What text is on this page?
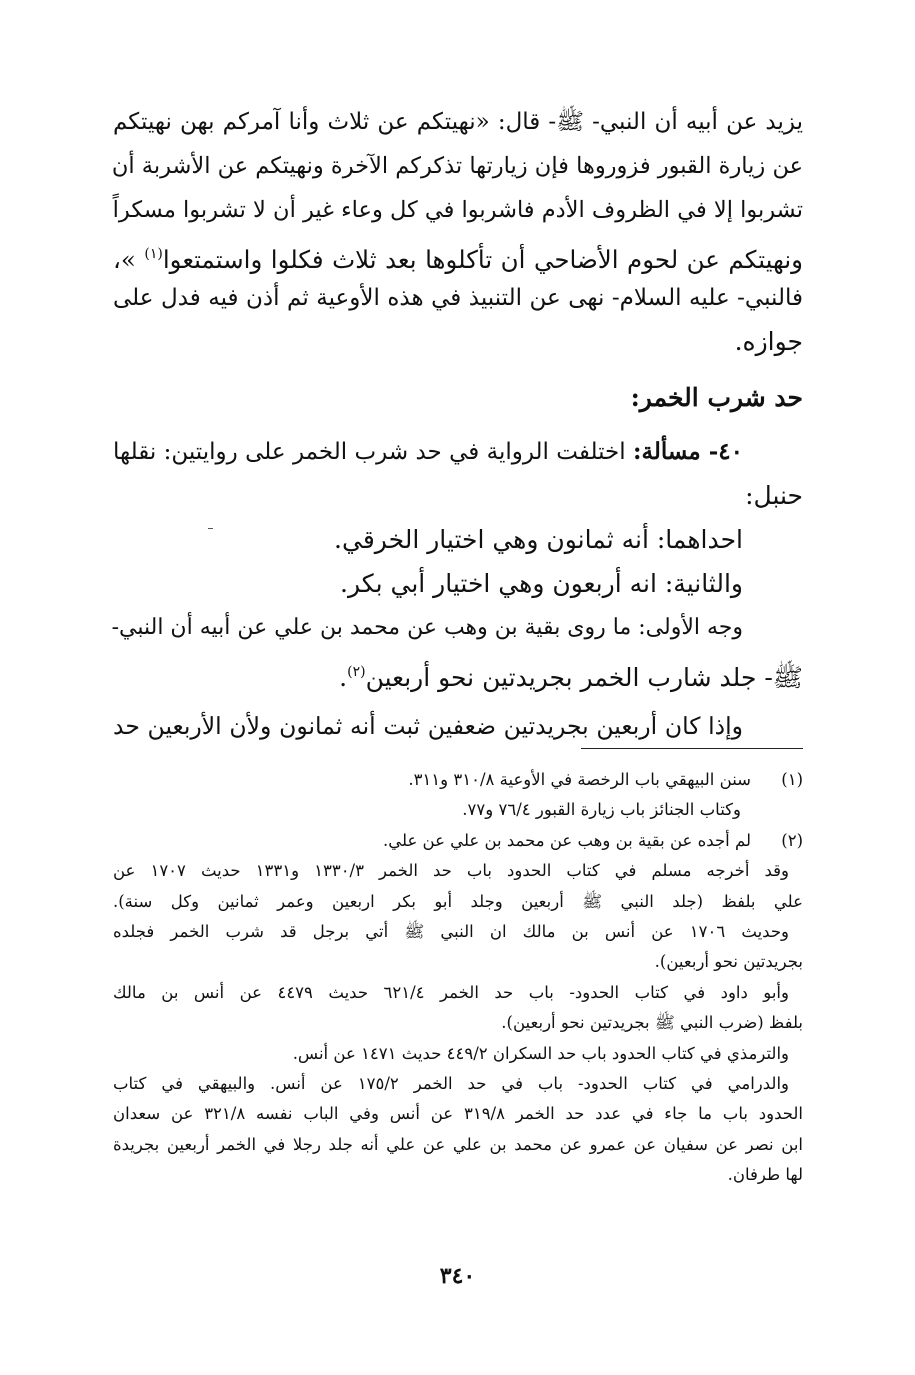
يزيد عن أبيه أن النبي- ﷺ- قال: «نهيتكم عن ثلاث وأنا آمركم بهن نهيتكم
عن زيارة القبور فزوروها فإن زيارتها تذكركم الآخرة ونهيتكم عن الأشربة أن
تشربوا إلا في الظروف الأدم فاشربوا في كل وعاء غير أن لا تشربوا مسكراً
ونهيتكم عن لحوم الأضاحي أن تأكلوها بعد ثلاث فكلوا واستمتعوا$^{(١)}$ »،
فالنبي- عليه السلام- نهى عن التنبيذ في هذه الأوعية ثم أذن فيه فدل على
جوازه.
حد شرب الخمر:
٤٠- مسألة: اختلفت الرواية في حد شرب الخمر على روايتين: نقلها
حنبل:
احداهما: أنه ثمانون وهي اختيار الخرقي.
والثانية: انه أربعون وهي اختيار أبي بكر.
وجه الأولى: ما روى بقية بن وهب عن محمد بن علي عن أبيه أن النبي-
ﷺ- جلد شارب الخمر بجريدتين نحو أربعين$^{(٢)}$.
وإذا كان أربعين بجريدتين ضعفين ثبت أنه ثمانون ولأن الأربعين حد
(١)سنن البيهقي باب الرخصة في الأوعية ٣١٠/٨ و٣١١.
وكتاب الجنائز باب زيارة القبور ٧٦/٤ و٧٧.
(٢)لم أجده عن بقية بن وهب عن محمد بن علي عن علي.
وقد أخرجه مسلم في كتاب الحدود باب حد الخمر ١٣٣٠/٣ و١٣٣١ حديث ١٧٠٧ عن
علي بلفظ (جلد النبي ﷺ أربعين وجلد أبو بكر اربعين وعمر ثمانين وكل سنة).
وحديث ١٧٠٦ عن أنس بن مالك ان النبي ﷺ أتي برجل قد شرب الخمر فجلده
بجريدتين نحو أربعين).
وأبو داود في كتاب الحدود- باب حد الخمر ٦٢١/٤ حديث ٤٤٧٩ عن أنس بن مالك
بلفظ (ضرب النبي ﷺ بجريدتين نحو أربعين).
والترمذي في كتاب الحدود باب حد السكران ٤٤٩/٢ حديث ١٤٧١ عن أنس.
والدرامي في كتاب الحدود- باب في حد الخمر ١٧٥/٢ عن أنس. والبيهقي في كتاب
الحدود باب ما جاء في عدد حد الخمر ٣١٩/٨ عن أنس وفي الباب نفسه ٣٢١/٨ عن سعدان
ابن نصر عن سفيان عن عمرو عن محمد بن علي عن علي أنه جلد رجلا في الخمر أربعين بجريدة
لها طرفان.
٣٤٠
